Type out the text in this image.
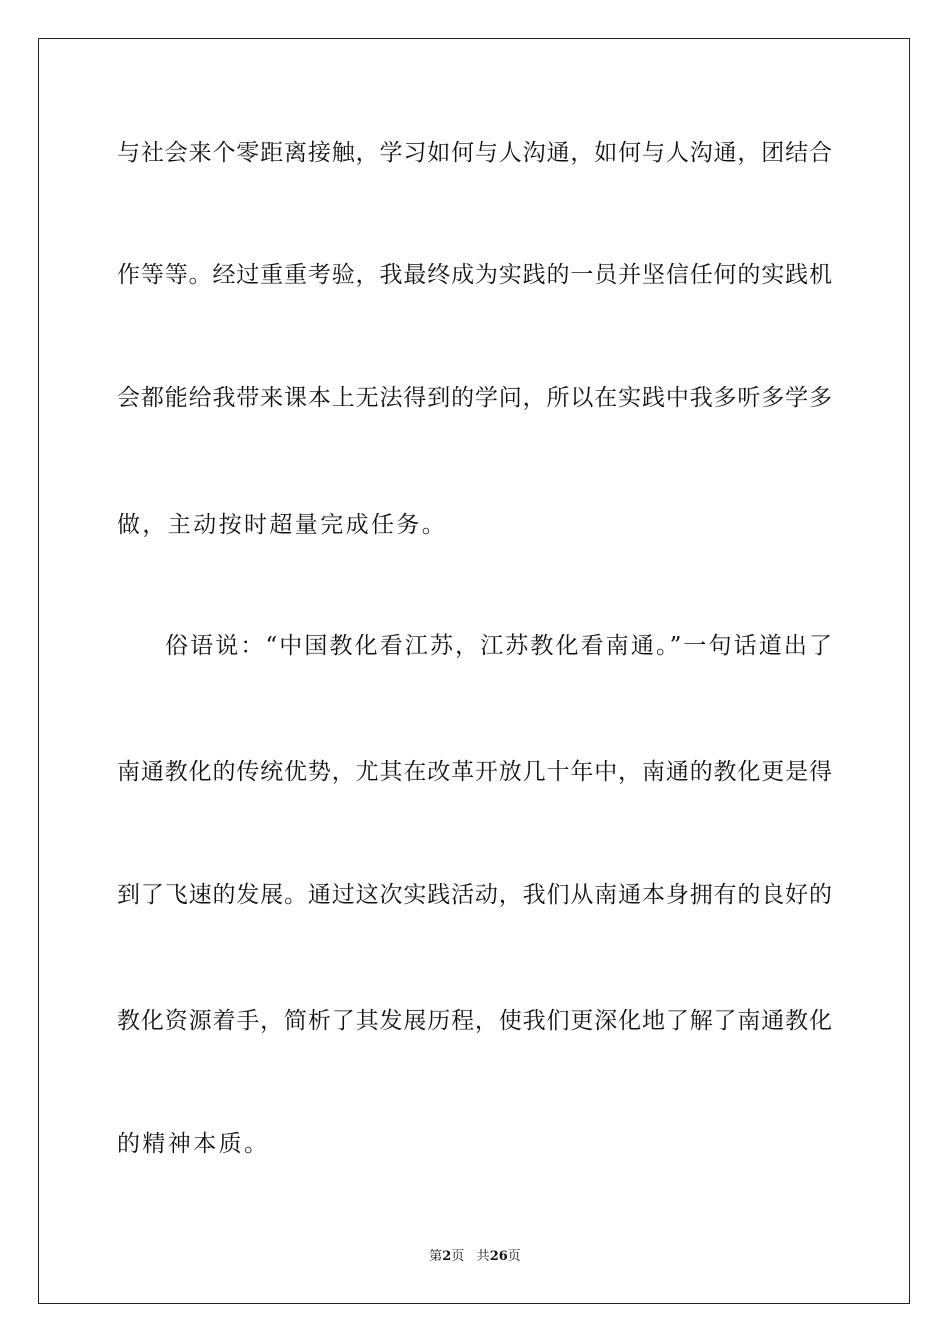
与社会来个零距离接触，学习如何与人沟通，如何与人沟通，团结合
作等等。经过重重考验，我最终成为实践的一员并坚信任何的实践机
会都能给我带来课本上无法得到的学问，所以在实践中我多听多学多
做，主动按时超量完成任务。
俗语说：“中国教化看江苏，江苏教化看南通。”一句话道出了
南通教化的传统优势，尤其在改革开放几十年中，南通的教化更是得
到了飞速的发展。通过这次实践活动，我们从南通本身拥有的良好的
教化资源着手，简析了其发展历程，使我们更深化地了解了南通教化
的精神本质。
第2页 共26页
